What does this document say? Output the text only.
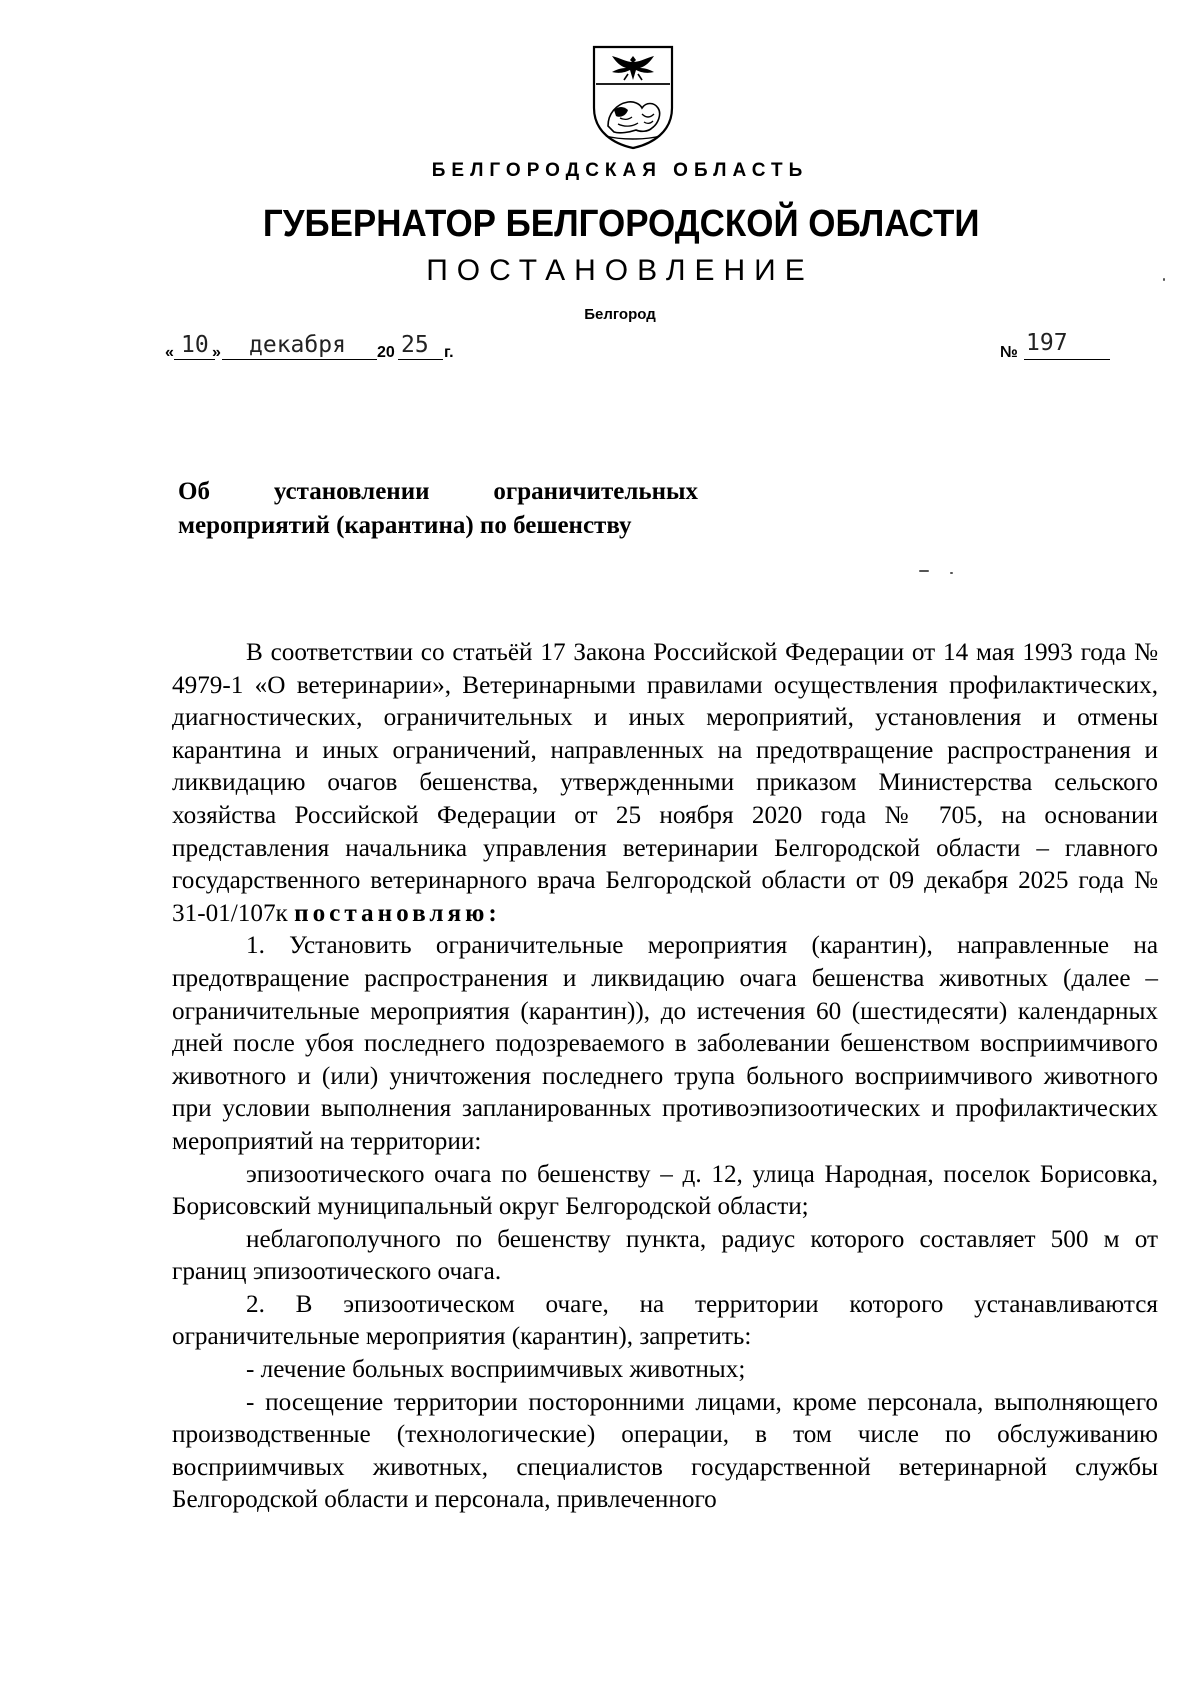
БЕЛГОРОДСКАЯ ОБЛАСТЬ
ГУБЕРНАТОР БЕЛГОРОДСКОЙ ОБЛАСТИ
ПОСТАНОВЛЕНИЕ
Белгород
« 10 » декабря 20 25 г.	№ 197
Об	установлении	ограничительных
мероприятий (карантина) по бешенству

В соответствии со статьёй 17 Закона Российской Федерации от 14 мая 1993 года № 4979-1 «О ветеринарии», Ветеринарными правилами осуществления профилактических, диагностических, ограничительных и иных мероприятий, установления и отмены карантина и иных ограничений, направленных на предотвращение распространения и ликвидацию очагов бешенства, утвержденными приказом Министерства сельского хозяйства Российской Федерации от 25 ноября 2020 года № 705, на основании представления начальника управления ветеринарии Белгородской области – главного государственного ветеринарного врача Белгородской области от 09 декабря 2025 года № 31-01/107к постановляю:

1. Установить ограничительные мероприятия (карантин), направленные на предотвращение распространения и ликвидацию очага бешенства животных (далее – ограничительные мероприятия (карантин)), до истечения 60 (шестидесяти) календарных дней после убоя последнего подозреваемого в заболевании бешенством восприимчивого животного и (или) уничтожения последнего трупа больного восприимчивого животного при условии выполнения запланированных противоэпизоотических и профилактических мероприятий на территории:

эпизоотического очага по бешенству – д. 12, улица Народная, поселок Борисовка, Борисовский муниципальный округ Белгородской области;

неблагополучного по бешенству пункта, радиус которого составляет 500 м от границ эпизоотического очага.

2. В эпизоотическом очаге, на территории которого устанавливаются ограничительные мероприятия (карантин), запретить:

- лечение больных восприимчивых животных;

- посещение территории посторонними лицами, кроме персонала, выполняющего производственные (технологические) операции, в том числе по обслуживанию восприимчивых животных, специалистов государственной ветеринарной службы Белгородской области и персонала, привлеченного
